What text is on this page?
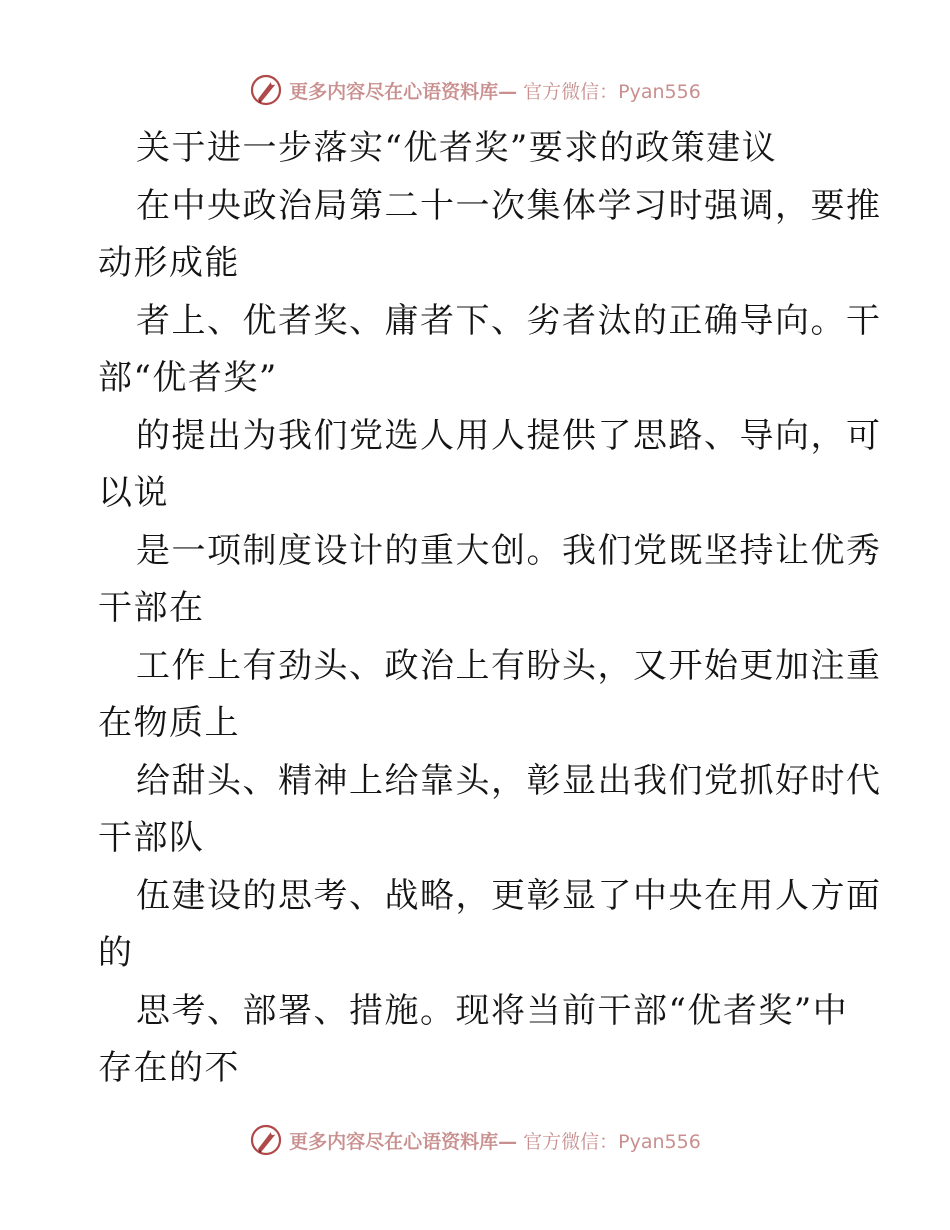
更多内容尽在心语资料库— 官方微信：Pyan556
关于进一步落实“优者奖”要求的政策建议
在中央政治局第二十一次集体学习时强调，要推
动形成能
者上、优者奖、庸者下、劣者汰的正确导向。干
部“优者奖”
的提出为我们党选人用人提供了思路、导向，可
以说
是一项制度设计的重大创。我们党既坚持让优秀
干部在
工作上有劲头、政治上有盼头，又开始更加注重
在物质上
给甜头、精神上给靠头，彰显出我们党抓好时代
干部队
伍建设的思考、战略，更彰显了中央在用人方面
的
思考、部署、措施。现将当前干部“优者奖”中
存在的不
更多内容尽在心语资料库— 官方微信：Pyan556
